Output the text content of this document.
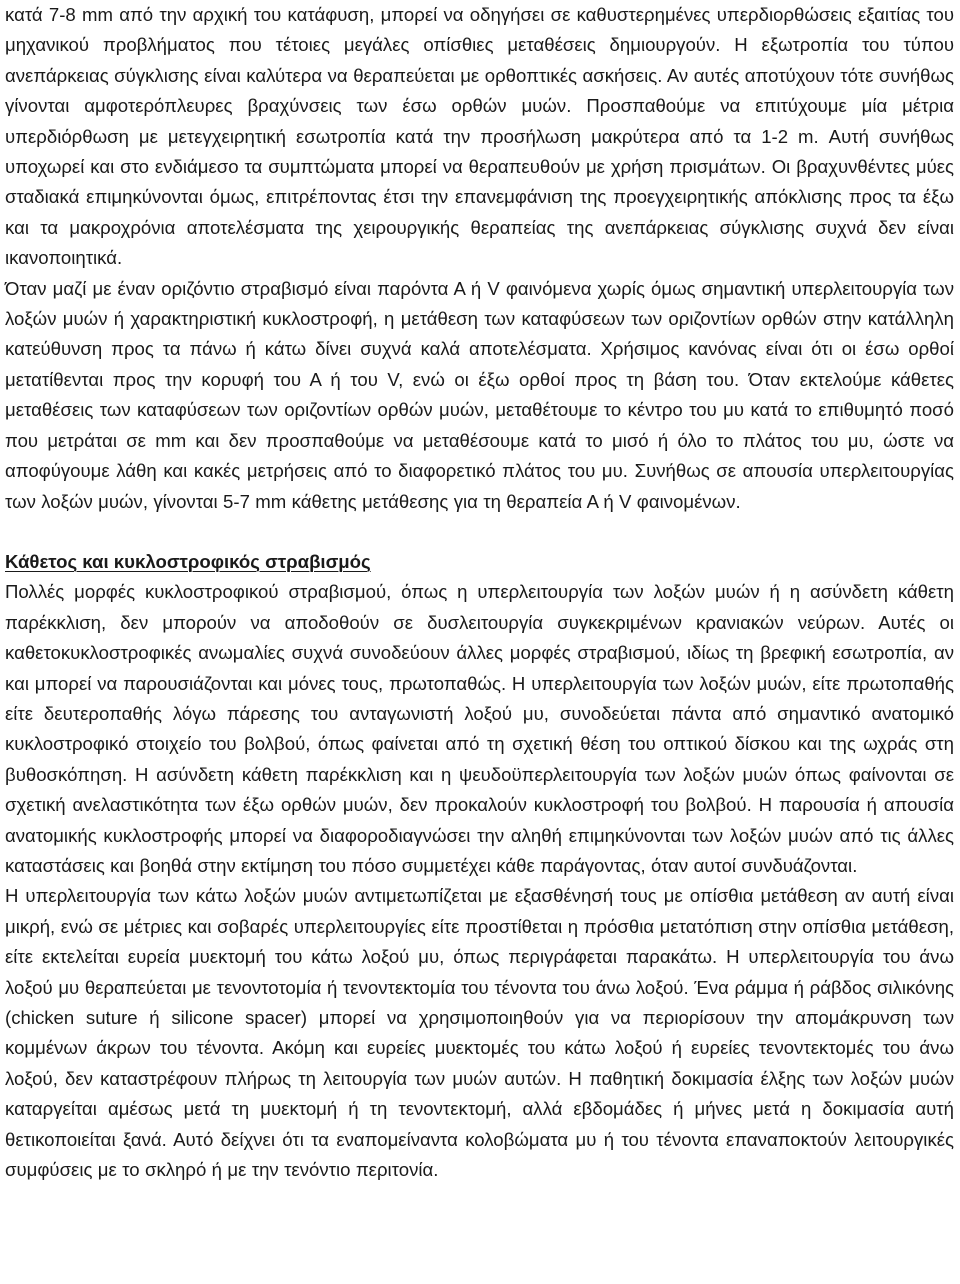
κατά 7-8 mm από την αρχική του κατάφυση, μπορεί να οδηγήσει σε καθυστερημένες υπερδιορθώσεις εξαιτίας του μηχανικού προβλήματος που τέτοιες μεγάλες οπίσθιες μεταθέσεις δημιουργούν. Η εξωτροπία του τύπου ανεπάρκειας σύγκλισης είναι καλύτερα να θεραπεύεται με ορθοπτικές ασκήσεις. Αν αυτές αποτύχουν τότε συνήθως γίνονται αμφοτερόπλευρες βραχύνσεις των έσω ορθών μυών. Προσπαθούμε να επιτύχουμε μία μέτρια υπερδιόρθωση με μετεγχειρητική εσωτροπία κατά την προσήλωση μακρύτερα από τα 1-2 m. Αυτή συνήθως υποχωρεί και στο ενδιάμεσο τα συμπτώματα μπορεί να θεραπευθούν με χρήση πρισμάτων. Οι βραχυνθέντες μύες σταδιακά επιμηκύνονται όμως, επιτρέποντας έτσι την επανεμφάνιση της προεγχειρητικής απόκλισης προς τα έξω και τα μακροχρόνια αποτελέσματα της χειρουργικής θεραπείας της ανεπάρκειας σύγκλισης συχνά δεν είναι ικανοποιητικά.

Όταν μαζί με έναν οριζόντιο στραβισμό είναι παρόντα Α ή V φαινόμενα χωρίς όμως σημαντική υπερλειτουργία των λοξών μυών ή χαρακτηριστική κυκλοστροφή, η μετάθεση των καταφύσεων των οριζοντίων ορθών στην κατάλληλη κατεύθυνση προς τα πάνω ή κάτω δίνει συχνά καλά αποτελέσματα. Χρήσιμος κανόνας είναι ότι οι έσω ορθοί μετατίθενται προς την κορυφή του Α ή του V, ενώ οι έξω ορθοί προς τη βάση του. Όταν εκτελούμε κάθετες μεταθέσεις των καταφύσεων των οριζοντίων ορθών μυών, μεταθέτουμε το κέντρο του μυ κατά το επιθυμητό ποσό που μετράται σε mm και δεν προσπαθούμε να μεταθέσουμε κατά το μισό ή όλο το πλάτος του μυ, ώστε να αποφύγουμε λάθη και κακές μετρήσεις από το διαφορετικό πλάτος του μυ. Συνήθως σε απουσία υπερλειτουργίας των λοξών μυών, γίνονται 5-7 mm κάθετης μετάθεσης για τη θεραπεία Α ή V φαινομένων.

Κάθετος και κυκλοστροφικός στραβισμός

Πολλές μορφές κυκλοστροφικού στραβισμού, όπως η υπερλειτουργία των λοξών μυών ή η ασύνδετη κάθετη παρέκκλιση, δεν μπορούν να αποδοθούν σε δυσλειτουργία συγκεκριμένων κρανιακών νεύρων. Αυτές οι καθετοκυκλοστροφικές ανωμαλίες συχνά συνοδεύουν άλλες μορφές στραβισμού, ιδίως τη βρεφική εσωτροπία, αν και μπορεί να παρουσιάζονται και μόνες τους, πρωτοπαθώς. Η υπερλειτουργία των λοξών μυών, είτε πρωτοπαθής είτε δευτεροπαθής λόγω πάρεσης του ανταγωνιστή λοξού μυ, συνοδεύεται πάντα από σημαντικό ανατομικό κυκλοστροφικό στοιχείο του βολβού, όπως φαίνεται από τη σχετική θέση του οπτικού δίσκου και της ωχράς στη βυθοσκόπηση. Η ασύνδετη κάθετη παρέκκλιση και η ψευδοϋπερλειτουργία των λοξών μυών όπως φαίνονται σε σχετική ανελαστικότητα των έξω ορθών μυών, δεν προκαλούν κυκλοστροφή του βολβού. Η παρουσία ή απουσία ανατομικής κυκλοστροφής μπορεί να διαφοροδιαγνώσει την αληθή επιμηκύνονται των λοξών μυών από τις άλλες καταστάσεις και βοηθά στην εκτίμηση του πόσο συμμετέχει κάθε παράγοντας, όταν αυτοί συνδυάζονται.

Η υπερλειτουργία των κάτω λοξών μυών αντιμετωπίζεται με εξασθένησή τους με οπίσθια μετάθεση αν αυτή είναι μικρή, ενώ σε μέτριες και σοβαρές υπερλειτουργίες είτε προστίθεται η πρόσθια μετατόπιση στην οπίσθια μετάθεση, είτε εκτελείται ευρεία μυεκτομή του κάτω λοξού μυ, όπως περιγράφεται παρακάτω. Η υπερλειτουργία του άνω λοξού μυ θεραπεύεται με τενοντοτομία ή τενοντεκτομία του τένοντα του άνω λοξού. Ένα ράμμα ή ράβδος σιλικόνης (chicken suture ή silicone spacer) μπορεί να χρησιμοποιηθούν για να περιορίσουν την απομάκρυνση των κομμένων άκρων του τένοντα. Ακόμη και ευρείες μυεκτομές του κάτω λοξού ή ευρείες τενοντεκτομές του άνω λοξού, δεν καταστρέφουν πλήρως τη λειτουργία των μυών αυτών. Η παθητική δοκιμασία έλξης των λοξών μυών καταργείται αμέσως μετά τη μυεκτομή ή τη τενοντεκτομή, αλλά εβδομάδες ή μήνες μετά η δοκιμασία αυτή θετικοποιείται ξανά. Αυτό δείχνει ότι τα εναπομείναντα κολοβώματα μυ ή του τένοντα επαναποκτούν λειτουργικές συμφύσεις με το σκληρό ή με την τενόντιο περιτονία.
